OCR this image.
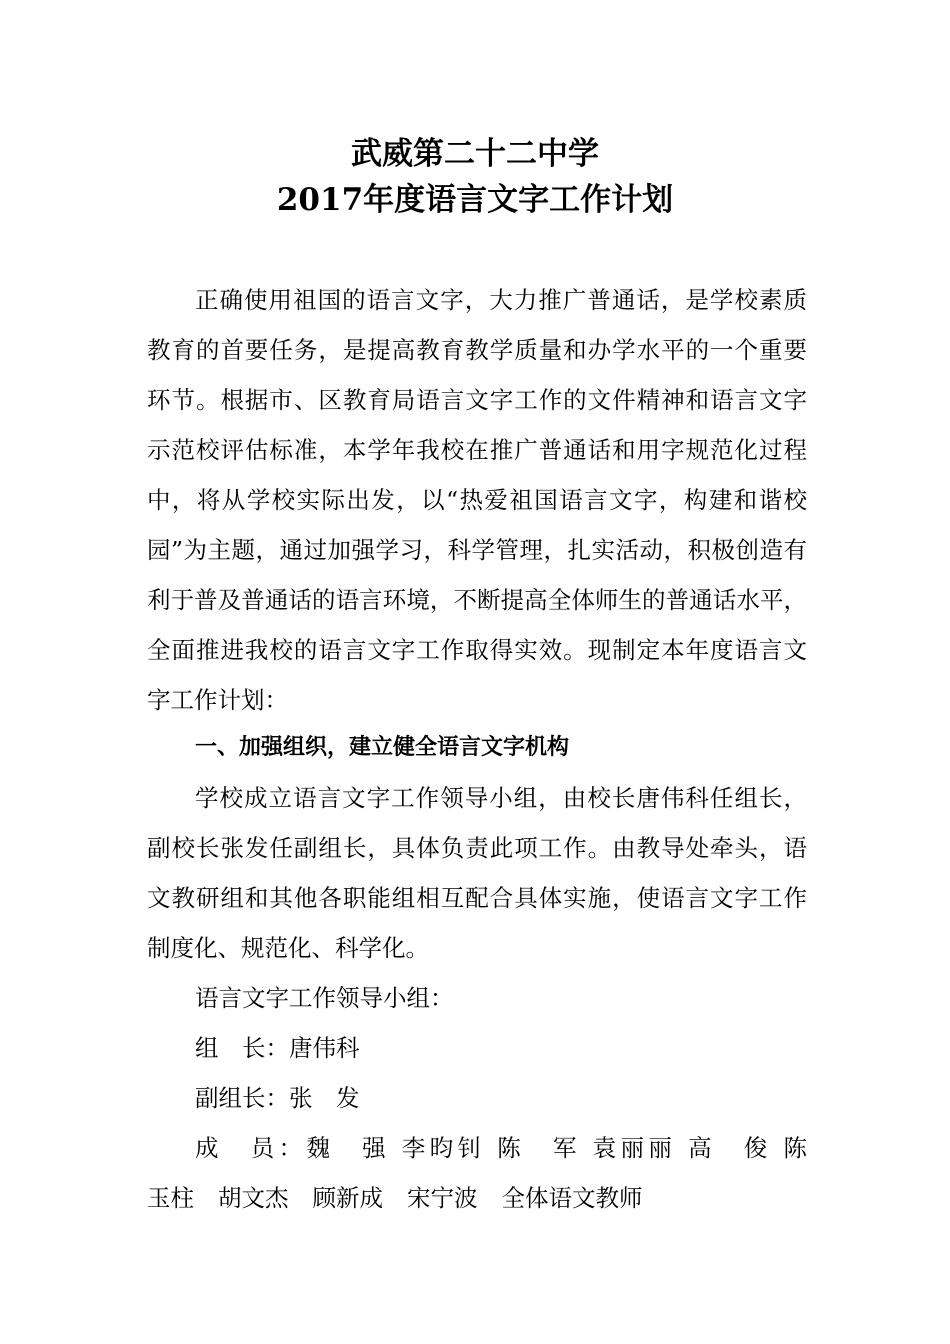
武威第二十二中学
2017年度语言文字工作计划
正确使用祖国的语言文字，大力推广普通话，是学校素质
教育的首要任务，是提高教育教学质量和办学水平的一个重要
环节。根据市、区教育局语言文字工作的文件精神和语言文字
示范校评估标准，本学年我校在推广普通话和用字规范化过程
中，将从学校实际出发，以“热爱祖国语言文字，构建和谐校
园”为主题，通过加强学习，科学管理，扎实活动，积极创造有
利于普及普通话的语言环境，不断提高全体师生的普通话水平，
全面推进我校的语言文字工作取得实效。现制定本年度语言文
字工作计划：
一、加强组织，建立健全语言文字机构
学校成立语言文字工作领导小组，由校长唐伟科任组长，
副校长张发任副组长，具体负责此项工作。由教导处牵头，语
文教研组和其他各职能组相互配合具体实施，使语言文字工作
制度化、规范化、科学化。
语言文字工作领导小组：
组　长：唐伟科
副组长：张　发
成　员：魏　强 李昀钊 陈　军 袁丽丽 高　俊 陈
玉柱 胡文杰 顾新成 宋宁波 全体语文教师
